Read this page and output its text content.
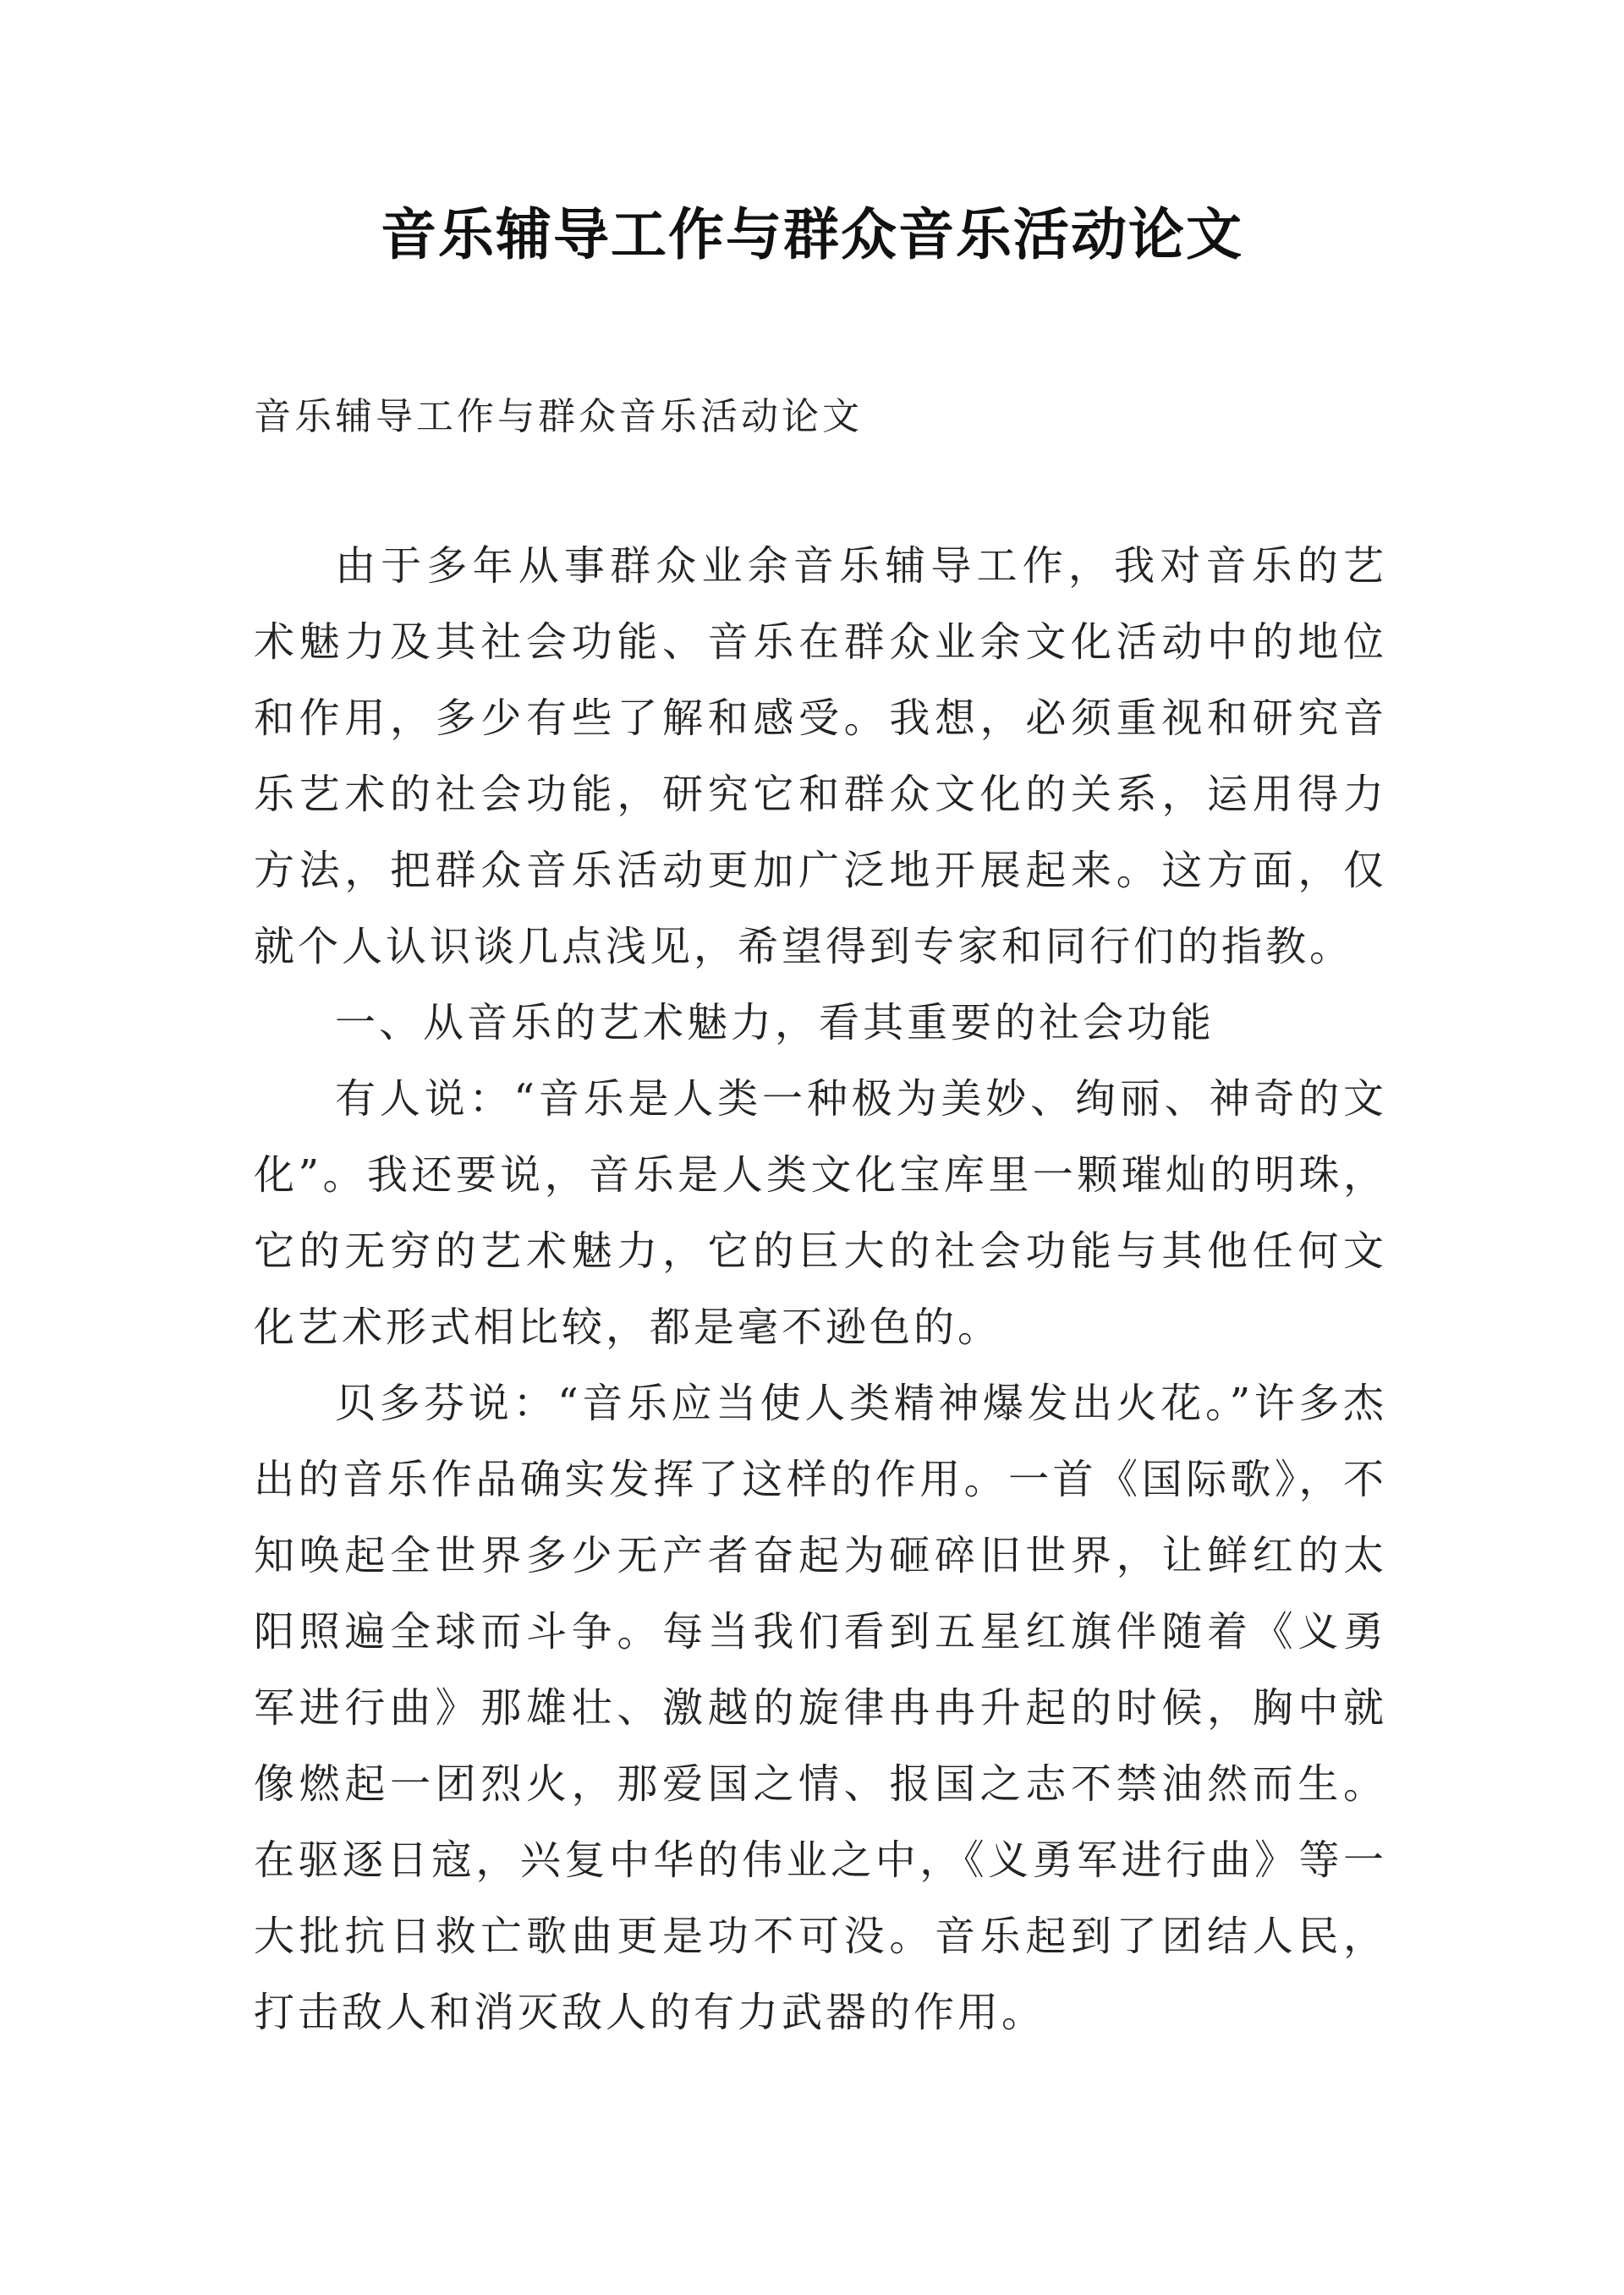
音乐辅导工作与群众音乐活动论文
音乐辅导工作与群众音乐活动论文

由于多年从事群众业余音乐辅导工作，我对音乐的艺术魅力及其社会功能、音乐在群众业余文化活动中的地位和作用，多少有些了解和感受。我想，必须重视和研究音乐艺术的社会功能，研究它和群众文化的关系，运用得力方法，把群众音乐活动更加广泛地开展起来。这方面，仅就个人认识谈几点浅见，希望得到专家和同行们的指教。

一、从音乐的艺术魅力，看其重要的社会功能

有人说：“音乐是人类一种极为美妙、绚丽、神奇的文化”。我还要说，音乐是人类文化宝库里一颗璀灿的明珠，它的无穷的艺术魅力，它的巨大的社会功能与其他任何文化艺术形式相比较，都是毫不逊色的。

贝多芬说：“音乐应当使人类精神爆发出火花。”许多杰出的音乐作品确实发挥了这样的作用。一首《国际歌》，不知唤起全世界多少无产者奋起为砸碎旧世界，让鲜红的太阳照遍全球而斗争。每当我们看到五星红旗伴随着《义勇军进行曲》那雄壮、激越的旋律冉冉升起的时候，胸中就像燃起一团烈火，那爱国之情、报国之志不禁油然而生。在驱逐日寇，兴复中华的伟业之中，《义勇军进行曲》等一大批抗日救亡歌曲更是功不可没。音乐起到了团结人民，打击敌人和消灭敌人的有力武器的作用。
